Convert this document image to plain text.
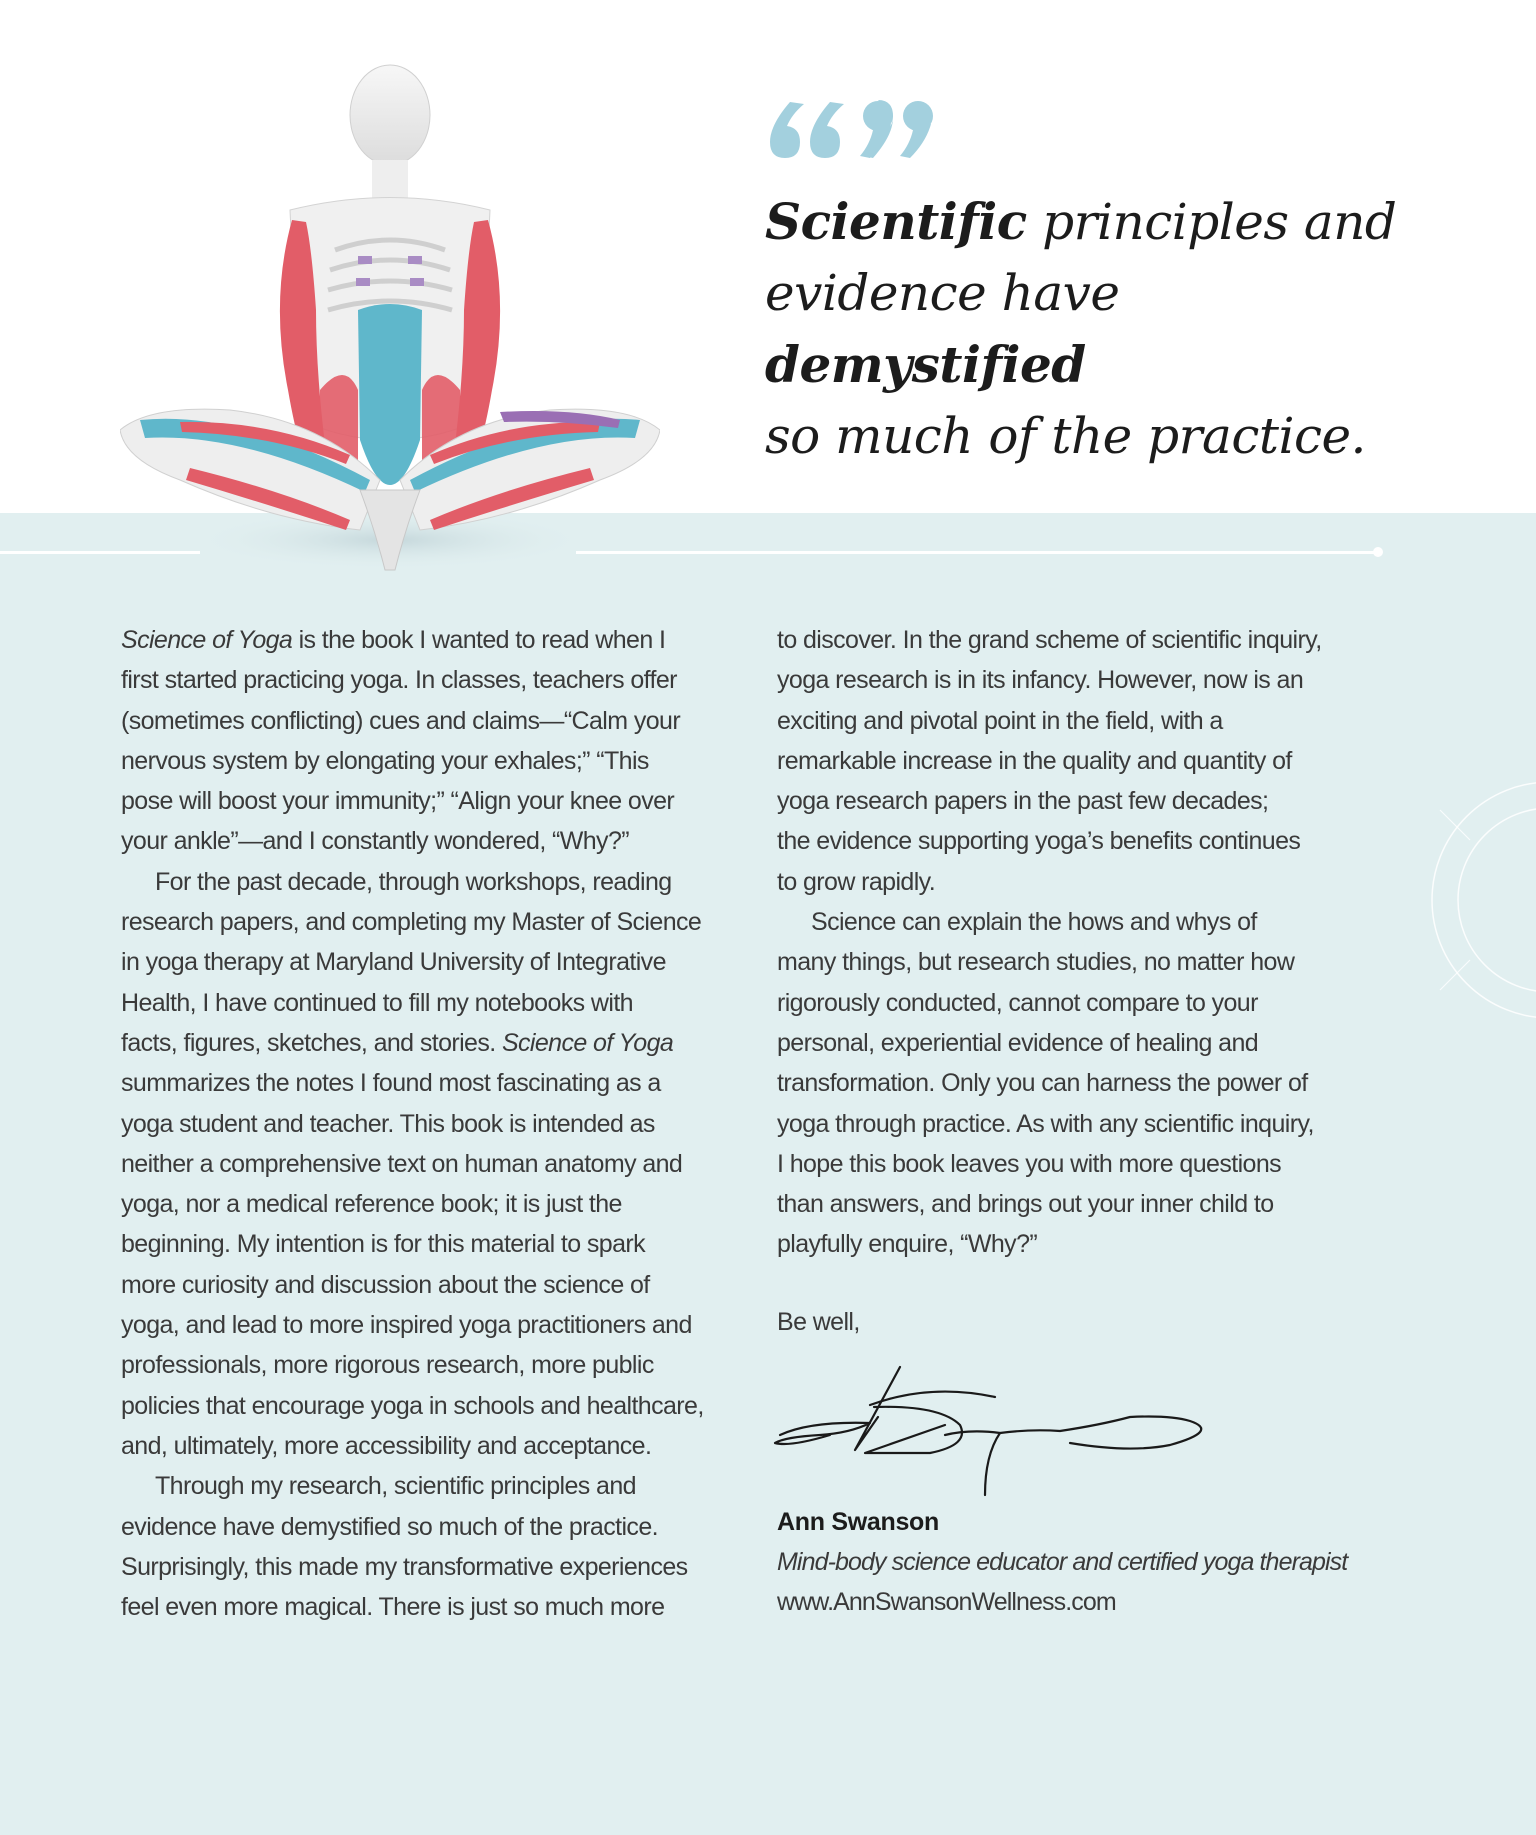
Scientific principles and
evidence have demystified
so much of the practice.
Science of Yoga is the book I wanted to read when I
first started practicing yoga. In classes, teachers offer
(sometimes conflicting) cues and claims—“Calm your
nervous system by elongating your exhales;” “This
pose will boost your immunity;” “Align your knee over
your ankle”—and I constantly wondered, “Why?”
For the past decade, through workshops, reading
research papers, and completing my Master of Science
in yoga therapy at Maryland University of Integrative
Health, I have continued to fill my notebooks with
facts, figures, sketches, and stories. Science of Yoga
summarizes the notes I found most fascinating as a
yoga student and teacher. This book is intended as
neither a comprehensive text on human anatomy and
yoga, nor a medical reference book; it is just the
beginning. My intention is for this material to spark
more curiosity and discussion about the science of
yoga, and lead to more inspired yoga practitioners and
professionals, more rigorous research, more public
policies that encourage yoga in schools and healthcare,
and, ultimately, more accessibility and acceptance.
Through my research, scientific principles and
evidence have demystified so much of the practice.
Surprisingly, this made my transformative experiences
feel even more magical. There is just so much more
to discover. In the grand scheme of scientific inquiry,
yoga research is in its infancy. However, now is an
exciting and pivotal point in the field, with a
remarkable increase in the quality and quantity of
yoga research papers in the past few decades;
the evidence supporting yoga’s benefits continues
to grow rapidly.
Science can explain the hows and whys of
many things, but research studies, no matter how
rigorously conducted, cannot compare to your
personal, experiential evidence of healing and
transformation. Only you can harness the power of
yoga through practice. As with any scientific inquiry,
I hope this book leaves you with more questions
than answers, and brings out your inner child to
playfully enquire, “Why?”
Be well,
Ann Swanson
Mind-body science educator and certified yoga therapist
www.AnnSwansonWellness.com
